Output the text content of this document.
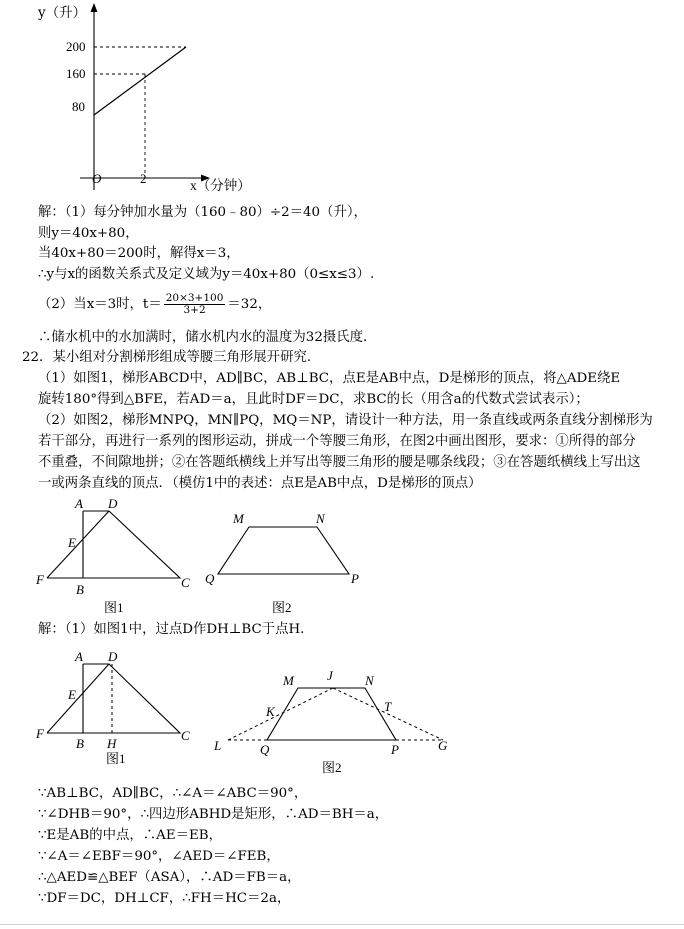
200
160
80
O	2	x（分钟）
y（升）
解：（1）每分钟加水量为（160﹣80）÷2＝40（升），
则y＝40x+80，
当40x+80＝200时，解得x＝3，
∴y与x的函数关系式及定义域为y＝40x+80（0≤x≤3）.
（2）当x＝3时，$t= \frac{20\times 3+100}{3+2} =32$，
∴储水机中的水加满时，储水机内水的温度为32摄氏度．
22．某小组对分割梯形组成等腰三角形展开研究．
（1）如图1，梯形ABCD中，AD∥BC，AB⊥BC，点E是AB中点，D是梯形的顶点，将△ADE绕E
旋转180°得到△BFE，若AD＝a，且此时DF＝DC，求BC的长（用含a的代数式尝试表示）；
（2）如图2，梯形MNPQ，MN∥PQ，MQ＝NP，请设计一种方法，用一条直线或两条直线分割梯形为
若干部分，再进行一系列的图形运动，拼成一个等腰三角形，在图2中画出图形，要求：①所得的部分
不重叠，不间隙地拼；②在答题纸横线上并写出等腰三角形的腰是哪条线段；③在答题纸横线上写出这
一或两条直线的顶点．（模仿1中的表述：点E是AB中点，D是梯形的顶点）
A D
E
F
B	C
图1
M	N
Q	P
图2
解：（1）如图1中，过点D作DH⊥BC于点H．
A D
E
F
B H
C
图1
M	J N
K	T
L	Q	P	G
图2
∵AB⊥BC，AD∥BC，∴∠A＝∠ABC＝90°，
∵∠DHB＝90°，∴四边形ABHD是矩形，∴AD＝BH＝a，
∵E是AB的中点，∴AE＝EB，
∵∠A＝∠EBF＝90°，∠AED＝∠FEB，
∴△AED≌△BEF（ASA），∴AD＝FB＝a，
∵DF＝DC，DH⊥CF，∴FH＝HC＝2a，
